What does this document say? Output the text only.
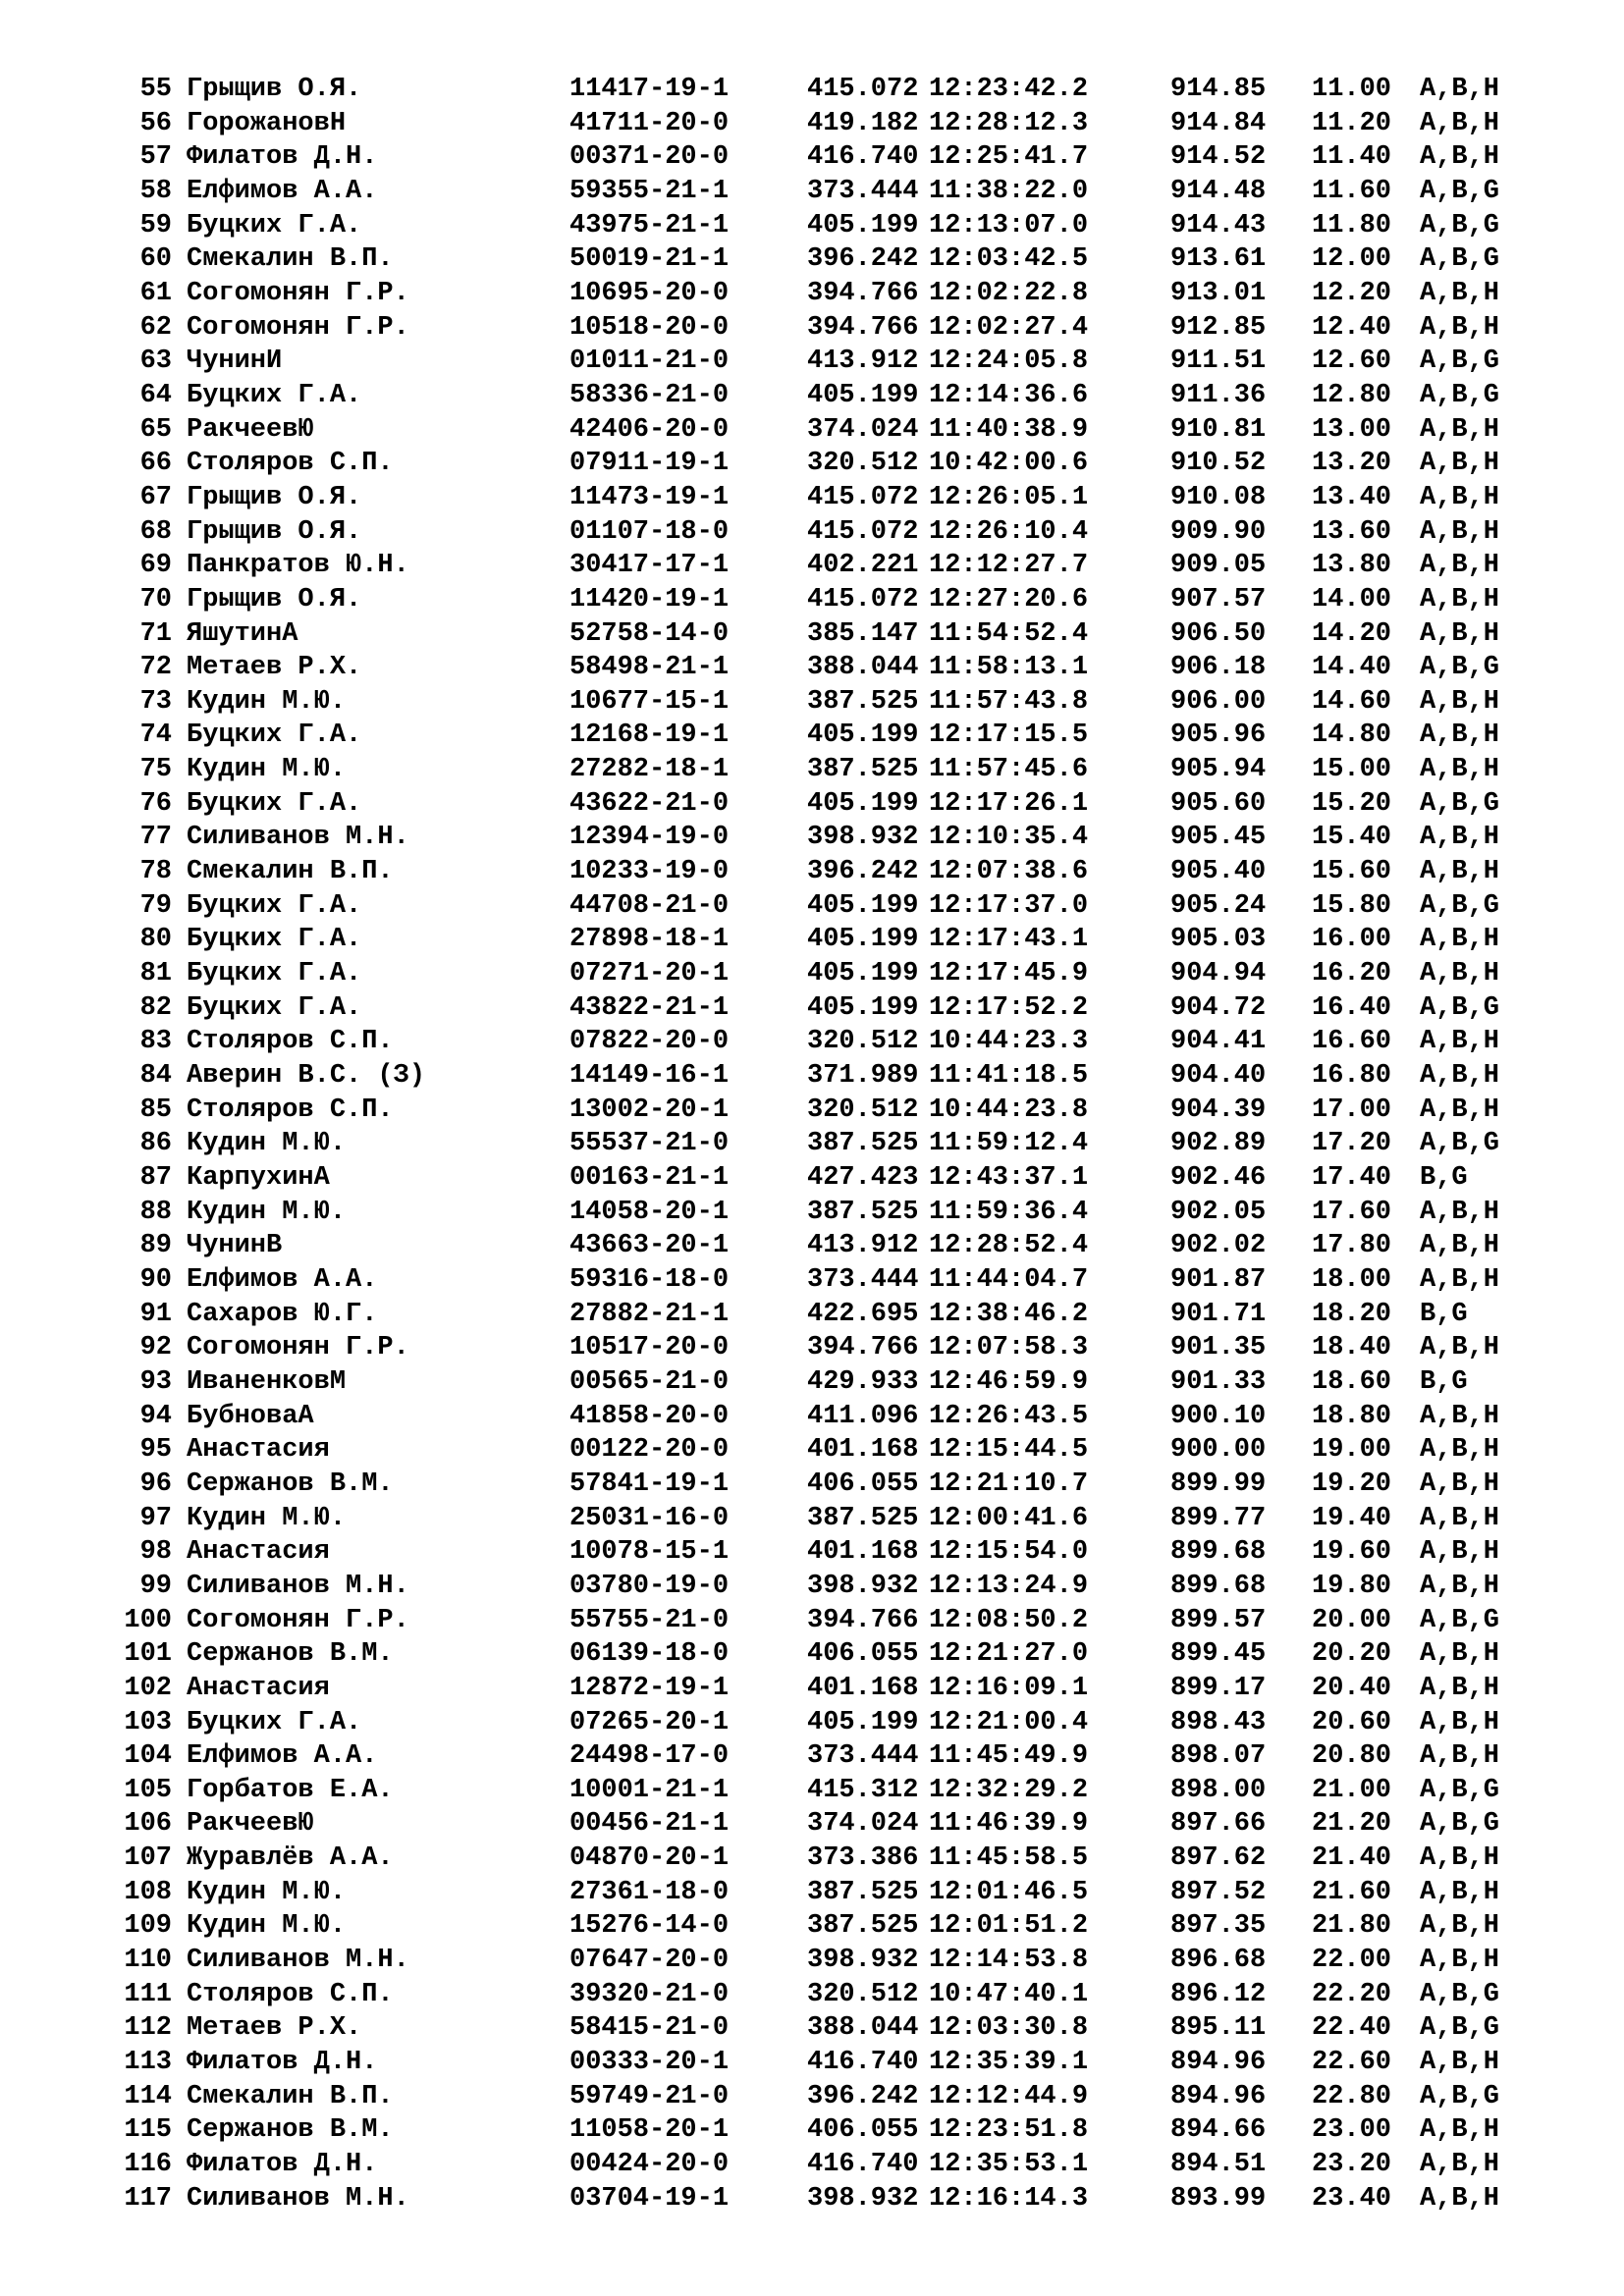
55 Грыщив О.Я.	11417-19-1	415.072 12:23:42.2	914.85 11.00 A,B,H
56 ГорожановН	41711-20-0	419.182 12:28:12.3	914.84 11.20 A,B,H
57 Филатов Д.Н.	00371-20-0	416.740 12:25:41.7	914.52 11.40 A,B,H
58 Елфимов А.А.	59355-21-1	373.444 11:38:22.0	914.48 11.60 A,B,G
59 Буцких Г.А.	43975-21-1	405.199 12:13:07.0	914.43 11.80 A,B,G
60 Смекалин В.П.	50019-21-1	396.242 12:03:42.5	913.61 12.00 A,B,G
61 Согомонян Г.Р.	10695-20-0	394.766 12:02:22.8	913.01 12.20 A,B,H
62 Согомонян Г.Р.	10518-20-0	394.766 12:02:27.4	912.85 12.40 A,B,H
63 ЧунинИ	01011-21-0	413.912 12:24:05.8	911.51 12.60 A,B,G
64 Буцких Г.А.	58336-21-0	405.199 12:14:36.6	911.36 12.80 A,B,G
65 РакчеевЮ	42406-20-0	374.024 11:40:38.9	910.81 13.00 A,B,H
66 Столяров С.П.	07911-19-1	320.512 10:42:00.6	910.52 13.20 A,B,H
67 Грыщив О.Я.	11473-19-1	415.072 12:26:05.1	910.08 13.40 A,B,H
68 Грыщив О.Я.	01107-18-0	415.072 12:26:10.4	909.90 13.60 A,B,H
69 Панкратов Ю.Н.	30417-17-1	402.221 12:12:27.7	909.05 13.80 A,B,H
70 Грыщив О.Я.	11420-19-1	415.072 12:27:20.6	907.57 14.00 A,B,H
71 ЯшутинА	52758-14-0	385.147 11:54:52.4	906.50 14.20 A,B,H
72 Метаев Р.Х.	58498-21-1	388.044 11:58:13.1	906.18 14.40 A,B,G
73 Кудин М.Ю.	10677-15-1	387.525 11:57:43.8	906.00 14.60 A,B,H
74 Буцких Г.А.	12168-19-1	405.199 12:17:15.5	905.96 14.80 A,B,H
75 Кудин М.Ю.	27282-18-1	387.525 11:57:45.6	905.94 15.00 A,B,H
76 Буцких Г.А.	43622-21-0	405.199 12:17:26.1	905.60 15.20 A,B,G
77 Силиванов М.Н.	12394-19-0	398.932 12:10:35.4	905.45 15.40 A,B,H
78 Смекалин В.П.	10233-19-0	396.242 12:07:38.6	905.40 15.60 A,B,H
79 Буцких Г.А.	44708-21-0	405.199 12:17:37.0	905.24 15.80 A,B,G
80 Буцких Г.А.	27898-18-1	405.199 12:17:43.1	905.03 16.00 A,B,H
81 Буцких Г.А.	07271-20-1	405.199 12:17:45.9	904.94 16.20 A,B,H
82 Буцких Г.А.	43822-21-1	405.199 12:17:52.2	904.72 16.40 A,B,G
83 Столяров С.П.	07822-20-0	320.512 10:44:23.3	904.41 16.60 A,B,H
84 Аверин В.С. (З)	14149-16-1	371.989 11:41:18.5	904.40 16.80 A,B,H
85 Столяров С.П.	13002-20-1	320.512 10:44:23.8	904.39 17.00 A,B,H
86 Кудин М.Ю.	55537-21-0	387.525 11:59:12.4	902.89 17.20 A,B,G
87 КарпухинА	00163-21-1	427.423 12:43:37.1	902.46 17.40 B,G
88 Кудин М.Ю.	14058-20-1	387.525 11:59:36.4	902.05 17.60 A,B,H
89 ЧунинВ	43663-20-1	413.912 12:28:52.4	902.02 17.80 A,B,H
90 Елфимов А.А.	59316-18-0	373.444 11:44:04.7	901.87 18.00 A,B,H
91 Сахаров Ю.Г.	27882-21-1	422.695 12:38:46.2	901.71 18.20 B,G
92 Согомонян Г.Р.	10517-20-0	394.766 12:07:58.3	901.35 18.40 A,B,H
93 ИваненковМ	00565-21-0	429.933 12:46:59.9	901.33 18.60 B,G
94 БубноваА	41858-20-0	411.096 12:26:43.5	900.10 18.80 A,B,H
95 Анастасия	00122-20-0	401.168 12:15:44.5	900.00 19.00 A,B,H
96 Сержанов В.М.	57841-19-1	406.055 12:21:10.7	899.99 19.20 A,B,H
97 Кудин М.Ю.	25031-16-0	387.525 12:00:41.6	899.77 19.40 A,B,H
98 Анастасия	10078-15-1	401.168 12:15:54.0	899.68 19.60 A,B,H
99 Силиванов М.Н.	03780-19-0	398.932 12:13:24.9	899.68 19.80 A,B,H
100 Согомонян Г.Р.	55755-21-0	394.766 12:08:50.2	899.57 20.00 A,B,G
101 Сержанов В.М.	06139-18-0	406.055 12:21:27.0	899.45 20.20 A,B,H
102 Анастасия	12872-19-1	401.168 12:16:09.1	899.17 20.40 A,B,H
103 Буцких Г.А.	07265-20-1	405.199 12:21:00.4	898.43 20.60 A,B,H
104 Елфимов А.А.	24498-17-0	373.444 11:45:49.9	898.07 20.80 A,B,H
105 Горбатов Е.А.	10001-21-1	415.312 12:32:29.2	898.00 21.00 A,B,G
106 РакчеевЮ	00456-21-1	374.024 11:46:39.9	897.66 21.20 A,B,G
107 Журавлёв А.А.	04870-20-1	373.386 11:45:58.5	897.62 21.40 A,B,H
108 Кудин М.Ю.	27361-18-0	387.525 12:01:46.5	897.52 21.60 A,B,H
109 Кудин М.Ю.	15276-14-0	387.525 12:01:51.2	897.35 21.80 A,B,H
110 Силиванов М.Н.	07647-20-0	398.932 12:14:53.8	896.68 22.00 A,B,H
111 Столяров С.П.	39320-21-0	320.512 10:47:40.1	896.12 22.20 A,B,G
112 Метаев Р.Х.	58415-21-0	388.044 12:03:30.8	895.11 22.40 A,B,G
113 Филатов Д.Н.	00333-20-1	416.740 12:35:39.1	894.96 22.60 A,B,H
114 Смекалин В.П.	59749-21-0	396.242 12:12:44.9	894.96 22.80 A,B,G
115 Сержанов В.М.	11058-20-1	406.055 12:23:51.8	894.66 23.00 A,B,H
116 Филатов Д.Н.	00424-20-0	416.740 12:35:53.1	894.51 23.20 A,B,H
117 Силиванов М.Н.	03704-19-1	398.932 12:16:14.3	893.99 23.40 A,B,H
